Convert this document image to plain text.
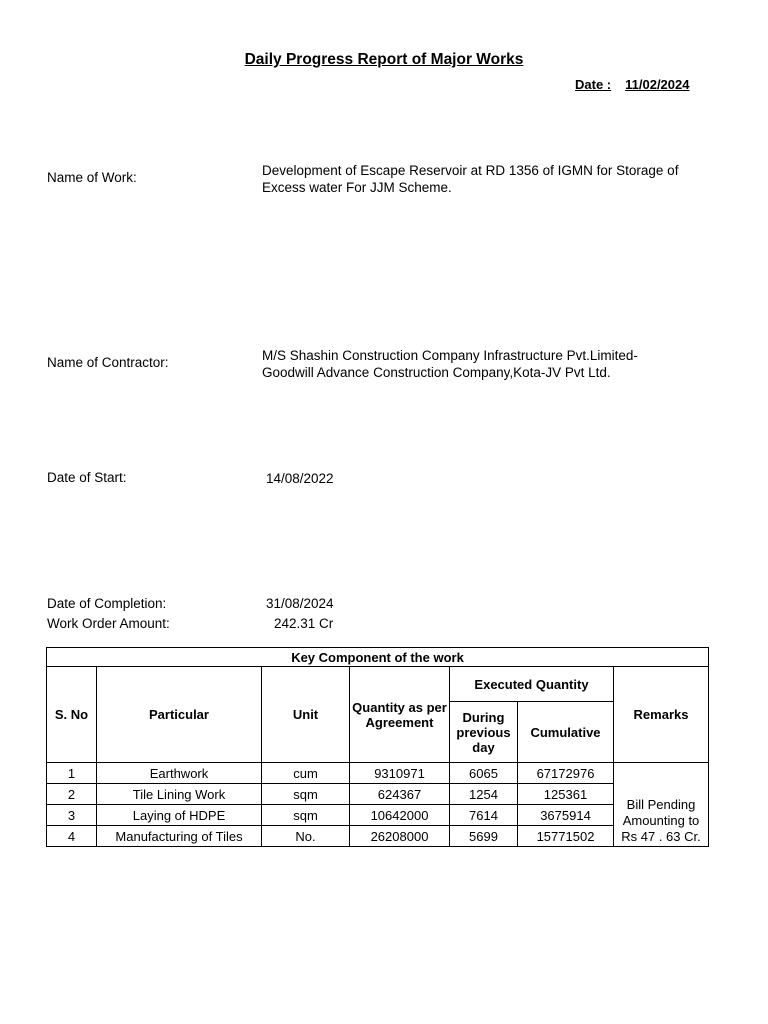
Daily Progress Report of Major Works
Date : 11/02/2024
Name of Work:	Development of Escape Reservoir at RD 1356 of IGMN for Storage of Excess water For JJM Scheme.
Name of Contractor:	M/S Shashin Construction Company Infrastructure Pvt.Limited-Goodwill Advance Construction Company,Kota-JV Pvt Ltd.
Date of Start:	14/08/2022
Date of Completion:	31/08/2024
Work Order Amount:	242.31 Cr
Key Component of the work						
S. No	Particular	Unit	Quantity as per Agreement	Executed Quantity		Remarks
				During previous day	Cumulative	
1	Earthwork	cum	9310971	6065	67172976	Bill Pending Amounting to Rs 47 . 63 Cr.
2	Tile Lining Work	sqm	624367	1254	125361	
3	Laying of HDPE	sqm	10642000	7614	3675914	
4	Manufacturing of Tiles	No.	26208000	5699	15771502	
